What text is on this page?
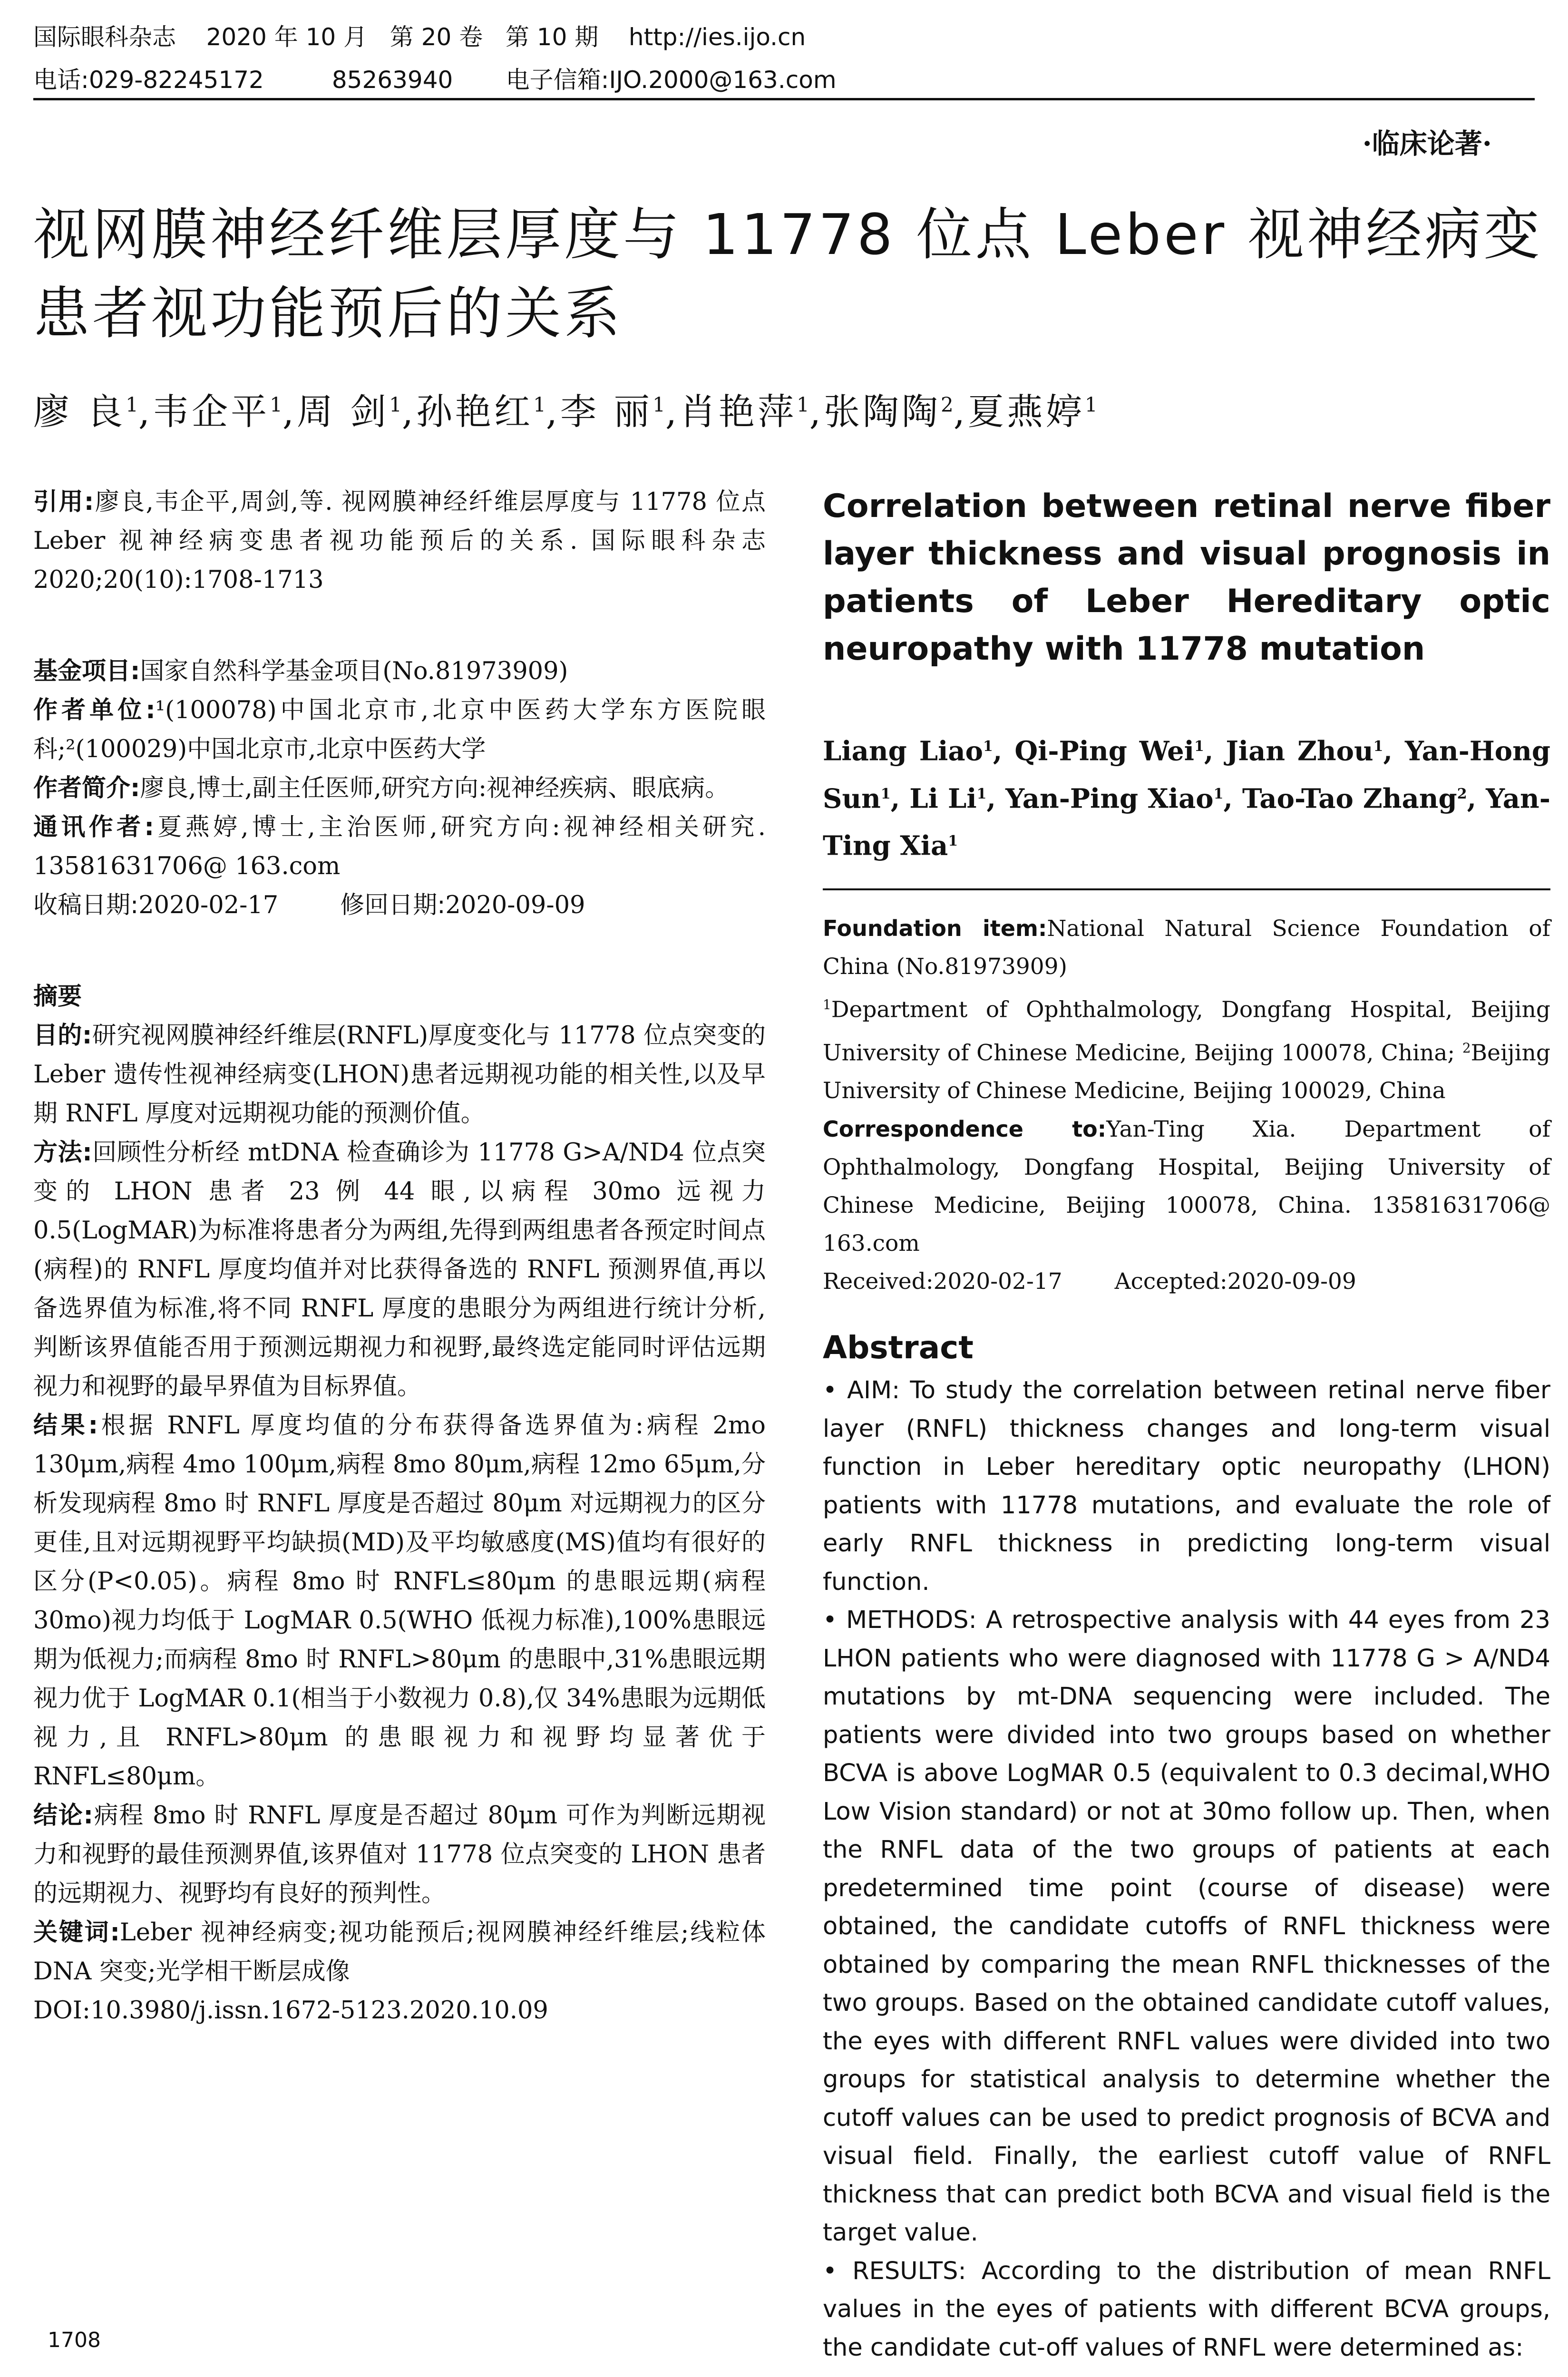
国际眼科杂志    2020 年 10 月   第 20 卷   第 10 期    http://ies.ijo.cn
电话:029-82245172         85263940       电子信箱:IJO.2000@163.com
·临床论著·
视网膜神经纤维层厚度与 11778 位点 Leber 视神经病变患者视功能预后的关系
廖 良$^1$,韦企平$^1$,周 剑$^1$,孙艳红$^1$,李 丽$^1$,肖艳萍$^1$,张陶陶$^2$,夏燕婷$^1$
引用:廖良,韦企平,周剑,等. 视网膜神经纤维层厚度与 11778 位点 Leber 视神经病变患者视功能预后的关系. 国际眼科杂志 2020;20(10):1708-1713
基金项目:国家自然科学基金项目(No.81973909)
作者单位:¹(100078)中国北京市,北京中医药大学东方医院眼科;²(100029)中国北京市,北京中医药大学
作者简介:廖良,博士,副主任医师,研究方向:视神经疾病、眼底病。
通讯作者:夏燕婷,博士,主治医师,研究方向:视神经相关研究. 13581631706@ 163.com
收稿日期:2020-02-17	修回日期:2020-09-09
摘要
目的:研究视网膜神经纤维层(RNFL)厚度变化与 11778 位点突变的 Leber 遗传性视神经病变(LHON)患者远期视功能的相关性,以及早期 RNFL 厚度对远期视功能的预测价值。
方法:回顾性分析经 mtDNA 检查确诊为 11778 G>A/ND4 位点突变的 LHON 患者 23 例 44 眼,以病程 30mo 远视力 0.5(LogMAR)为标准将患者分为两组,先得到两组患者各预定时间点(病程)的 RNFL 厚度均值并对比获得备选的 RNFL 预测界值,再以备选界值为标准,将不同 RNFL 厚度的患眼分为两组进行统计分析,判断该界值能否用于预测远期视力和视野,最终选定能同时评估远期视力和视野的最早界值为目标界值。
结果:根据 RNFL 厚度均值的分布获得备选界值为:病程 2mo 130μm,病程 4mo 100μm,病程 8mo 80μm,病程 12mo 65μm,分析发现病程 8mo 时 RNFL 厚度是否超过 80μm 对远期视力的区分更佳,且对远期视野平均缺损(MD)及平均敏感度(MS)值均有很好的区分(P<0.05)。病程 8mo 时 RNFL≤80μm 的患眼远期(病程 30mo)视力均低于 LogMAR 0.5(WHO 低视力标准),100%患眼远期为低视力;而病程 8mo 时 RNFL>80μm 的患眼中,31%患眼远期视力优于 LogMAR 0.1(相当于小数视力 0.8),仅 34%患眼为远期低视力,且 RNFL>80μm 的患眼视力和视野均显著优于 RNFL≤80μm。
结论:病程 8mo 时 RNFL 厚度是否超过 80μm 可作为判断远期视力和视野的最佳预测界值,该界值对 11778 位点突变的 LHON 患者的远期视力、视野均有良好的预判性。
关键词:Leber 视神经病变;视功能预后;视网膜神经纤维层;线粒体 DNA 突变;光学相干断层成像
DOI:10.3980/j.issn.1672-5123.2020.10.09
Correlation between retinal nerve fiber layer thickness and visual prognosis in patients of Leber Hereditary optic neuropathy with 11778 mutation
Liang Liao$^1$, Qi-Ping Wei$^1$, Jian Zhou$^1$, Yan-Hong Sun$^1$, Li Li$^1$, Yan-Ping Xiao$^1$, Tao-Tao Zhang$^2$, Yan-Ting Xia$^1$

Foundation item:National Natural Science Foundation of China (No.81973909)

$^1$Department of Ophthalmology, Dongfang Hospital, Beijing University of Chinese Medicine, Beijing 100078, China; $^2$Beijing University of Chinese Medicine, Beijing 100029, China

Correspondence to:Yan-Ting Xia. Department of Ophthalmology, Dongfang Hospital, Beijing University of Chinese Medicine, Beijing 100078, China. 13581631706@ 163.com

Received:2020-02-17 Accepted:2020-09-09

Abstract

• AIM: To study the correlation between retinal nerve fiber layer (RNFL) thickness changes and long-term visual function in Leber hereditary optic neuropathy (LHON) patients with 11778 mutations, and evaluate the role of early RNFL thickness in predicting long-term visual function.

• METHODS: A retrospective analysis with 44 eyes from 23 LHON patients who were diagnosed with 11778 G > A/ND4 mutations by mt-DNA sequencing were included. The patients were divided into two groups based on whether BCVA is above LogMAR 0.5 (equivalent to 0.3 decimal,WHO Low Vision standard) or not at 30mo follow up. Then, when the RNFL data of the two groups of patients at each predetermined time point (course of disease) were obtained, the candidate cutoffs of RNFL thickness were obtained by comparing the mean RNFL thicknesses of the two groups. Based on the obtained candidate cutoff values, the eyes with different RNFL values were divided into two groups for statistical analysis to determine whether the cutoff values can be used to predict prognosis of BCVA and visual field. Finally, the earliest cutoff value of RNFL thickness that can predict both BCVA and visual field is the target value.

• RESULTS: According to the distribution of mean RNFL values in the eyes of patients with different BCVA groups, the candidate cut-off values of RNFL were determined as:

1708
